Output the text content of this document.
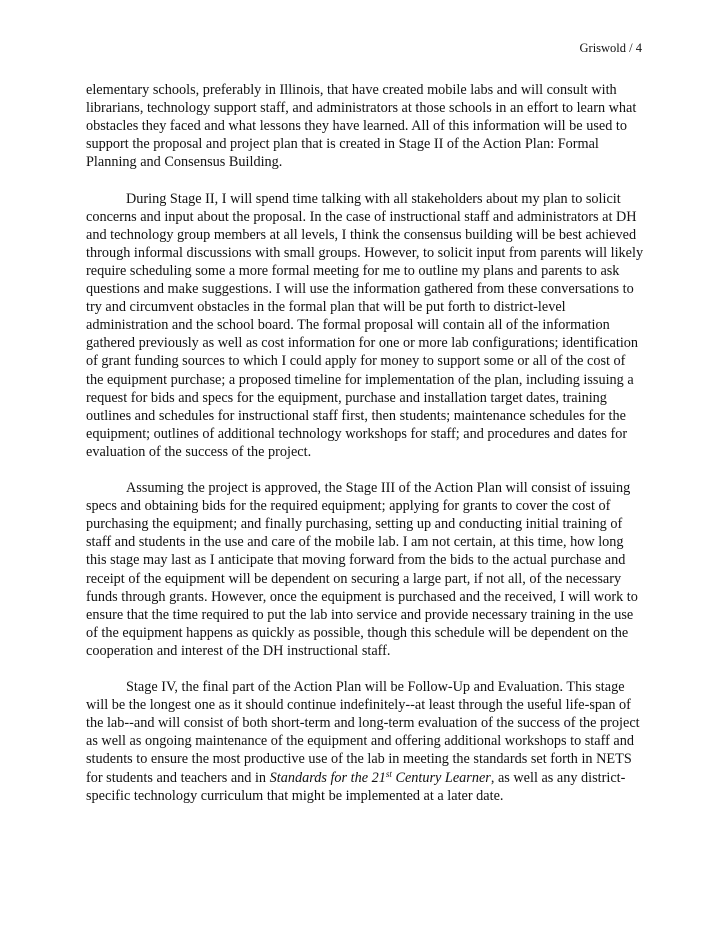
Griswold / 4

elementary schools, preferably in Illinois, that have created mobile labs and will consult with librarians, technology support staff, and administrators at those schools in an effort to learn what obstacles they faced and what lessons they have learned. All of this information will be used to support the proposal and project plan that is created in Stage II of the Action Plan: Formal Planning and Consensus Building.

During Stage II, I will spend time talking with all stakeholders about my plan to solicit concerns and input about the proposal. In the case of instructional staff and administrators at DH and technology group members at all levels, I think the consensus building will be best achieved through informal discussions with small groups. However, to solicit input from parents will likely require scheduling some a more formal meeting for me to outline my plans and parents to ask questions and make suggestions. I will use the information gathered from these conversations to try and circumvent obstacles in the formal plan that will be put forth to district-level administration and the school board. The formal proposal will contain all of the information gathered previously as well as cost information for one or more lab configurations; identification of grant funding sources to which I could apply for money to support some or all of the cost of the equipment purchase; a proposed timeline for implementation of the plan, including issuing a request for bids and specs for the equipment, purchase and installation target dates, training outlines and schedules for instructional staff first, then students; maintenance schedules for the equipment; outlines of additional technology workshops for staff; and procedures and dates for evaluation of the success of the project.

Assuming the project is approved, the Stage III of the Action Plan will consist of issuing specs and obtaining bids for the required equipment; applying for grants to cover the cost of purchasing the equipment; and finally purchasing, setting up and conducting initial training of staff and students in the use and care of the mobile lab. I am not certain, at this time, how long this stage may last as I anticipate that moving forward from the bids to the actual purchase and receipt of the equipment will be dependent on securing a large part, if not all, of the necessary funds through grants. However, once the equipment is purchased and the received, I will work to ensure that the time required to put the lab into service and provide necessary training in the use of the equipment happens as quickly as possible, though this schedule will be dependent on the cooperation and interest of the DH instructional staff.

Stage IV, the final part of the Action Plan will be Follow-Up and Evaluation. This stage will be the longest one as it should continue indefinitely--at least through the useful life-span of the lab--and will consist of both short-term and long-term evaluation of the success of the project as well as ongoing maintenance of the equipment and offering additional workshops to staff and students to ensure the most productive use of the lab in meeting the standards set forth in NETS for students and teachers and in Standards for the 21st Century Learner, as well as any district-specific technology curriculum that might be implemented at a later date.
